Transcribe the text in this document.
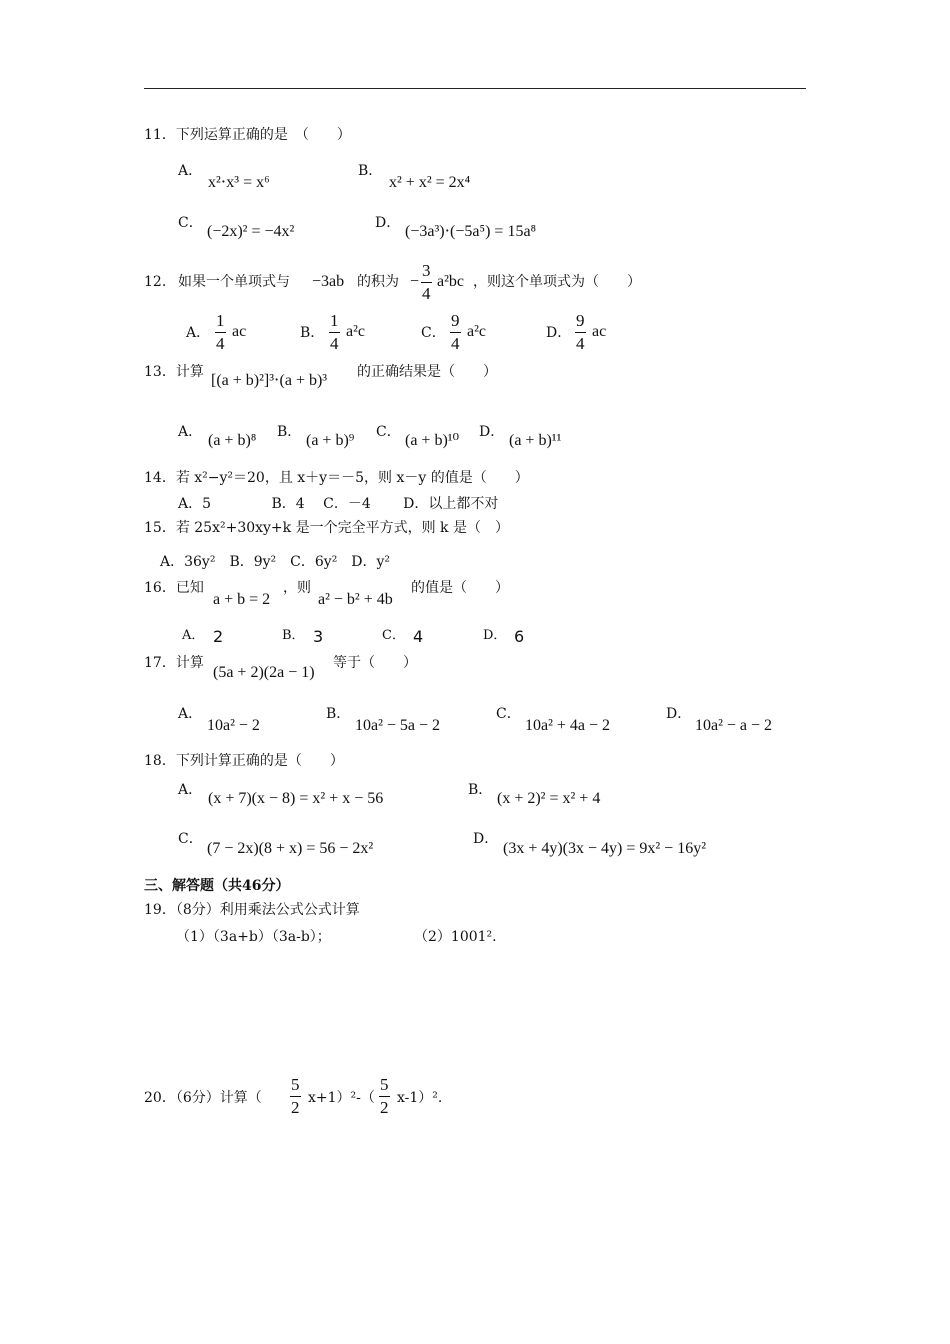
11．下列运算正确的是　（　　）
A．
x²⋅x³ = x⁶
B．
x² + x² = 2x⁴
C． (−2x)² = −4x²	D． (−3a³)⋅(−5a⁵) = 15a⁸
12． 如果一个单项式与 −3ab 的积为 − $\frac{3}{4} a^2bc$ ，则这个单项式为（　　）
A． $\frac{1}{4}$ ac	B． $\frac{1}{4} a^2c$	C． $\frac{9}{4} a^2c$	D． $\frac{9}{4}$ ac
13．计算 [(a + b)²]³⋅(a + b)³ 的正确结果是（　　）
A． (a + b)⁸ B． (a + b)⁹ C． (a + b)¹⁰ D． (a + b)¹¹
14．若 x²−y²＝20，且 x＋y＝－5，则 x－y 的值是（　　）
A．5　　　　 B．4　 C．－4　　 D．以上都不对
15．若 25x²+30xy+k 是一个完全平方式，则 k 是（　）
A．36y²　B．9y²　C．6y²　D．y²
16．已知
a + b = 2
，则
a² − b² + 4b
的值是（　　）
A． 2	B． 3	C． 4	D． 6
17．计算
(5a + 2)(2a − 1)
等于（　　）
A．
10a² − 2
B．
10a² − 5a − 2
C．
10a² + 4a − 2
D．
10a² − a − 2
18．下列计算正确的是（　　）
A． (x + 7)(x − 8) = x² + x − 56	B． (x + 2)² = x² + 4
C．
(7 − 2x)(8 + x) = 56 − 2x²
D．
(3x + 4y)(3x − 4y) = 9x² − 16y²
三、解答题（共46分）
19．（8分）利用乘法公式公式计算
（1）（3a+b）（3a-b）；	（2）1001².
20．（6分）计算（ $\frac{5}{2} x+1)^2-( \frac{5}{2} x-1)^2$.
